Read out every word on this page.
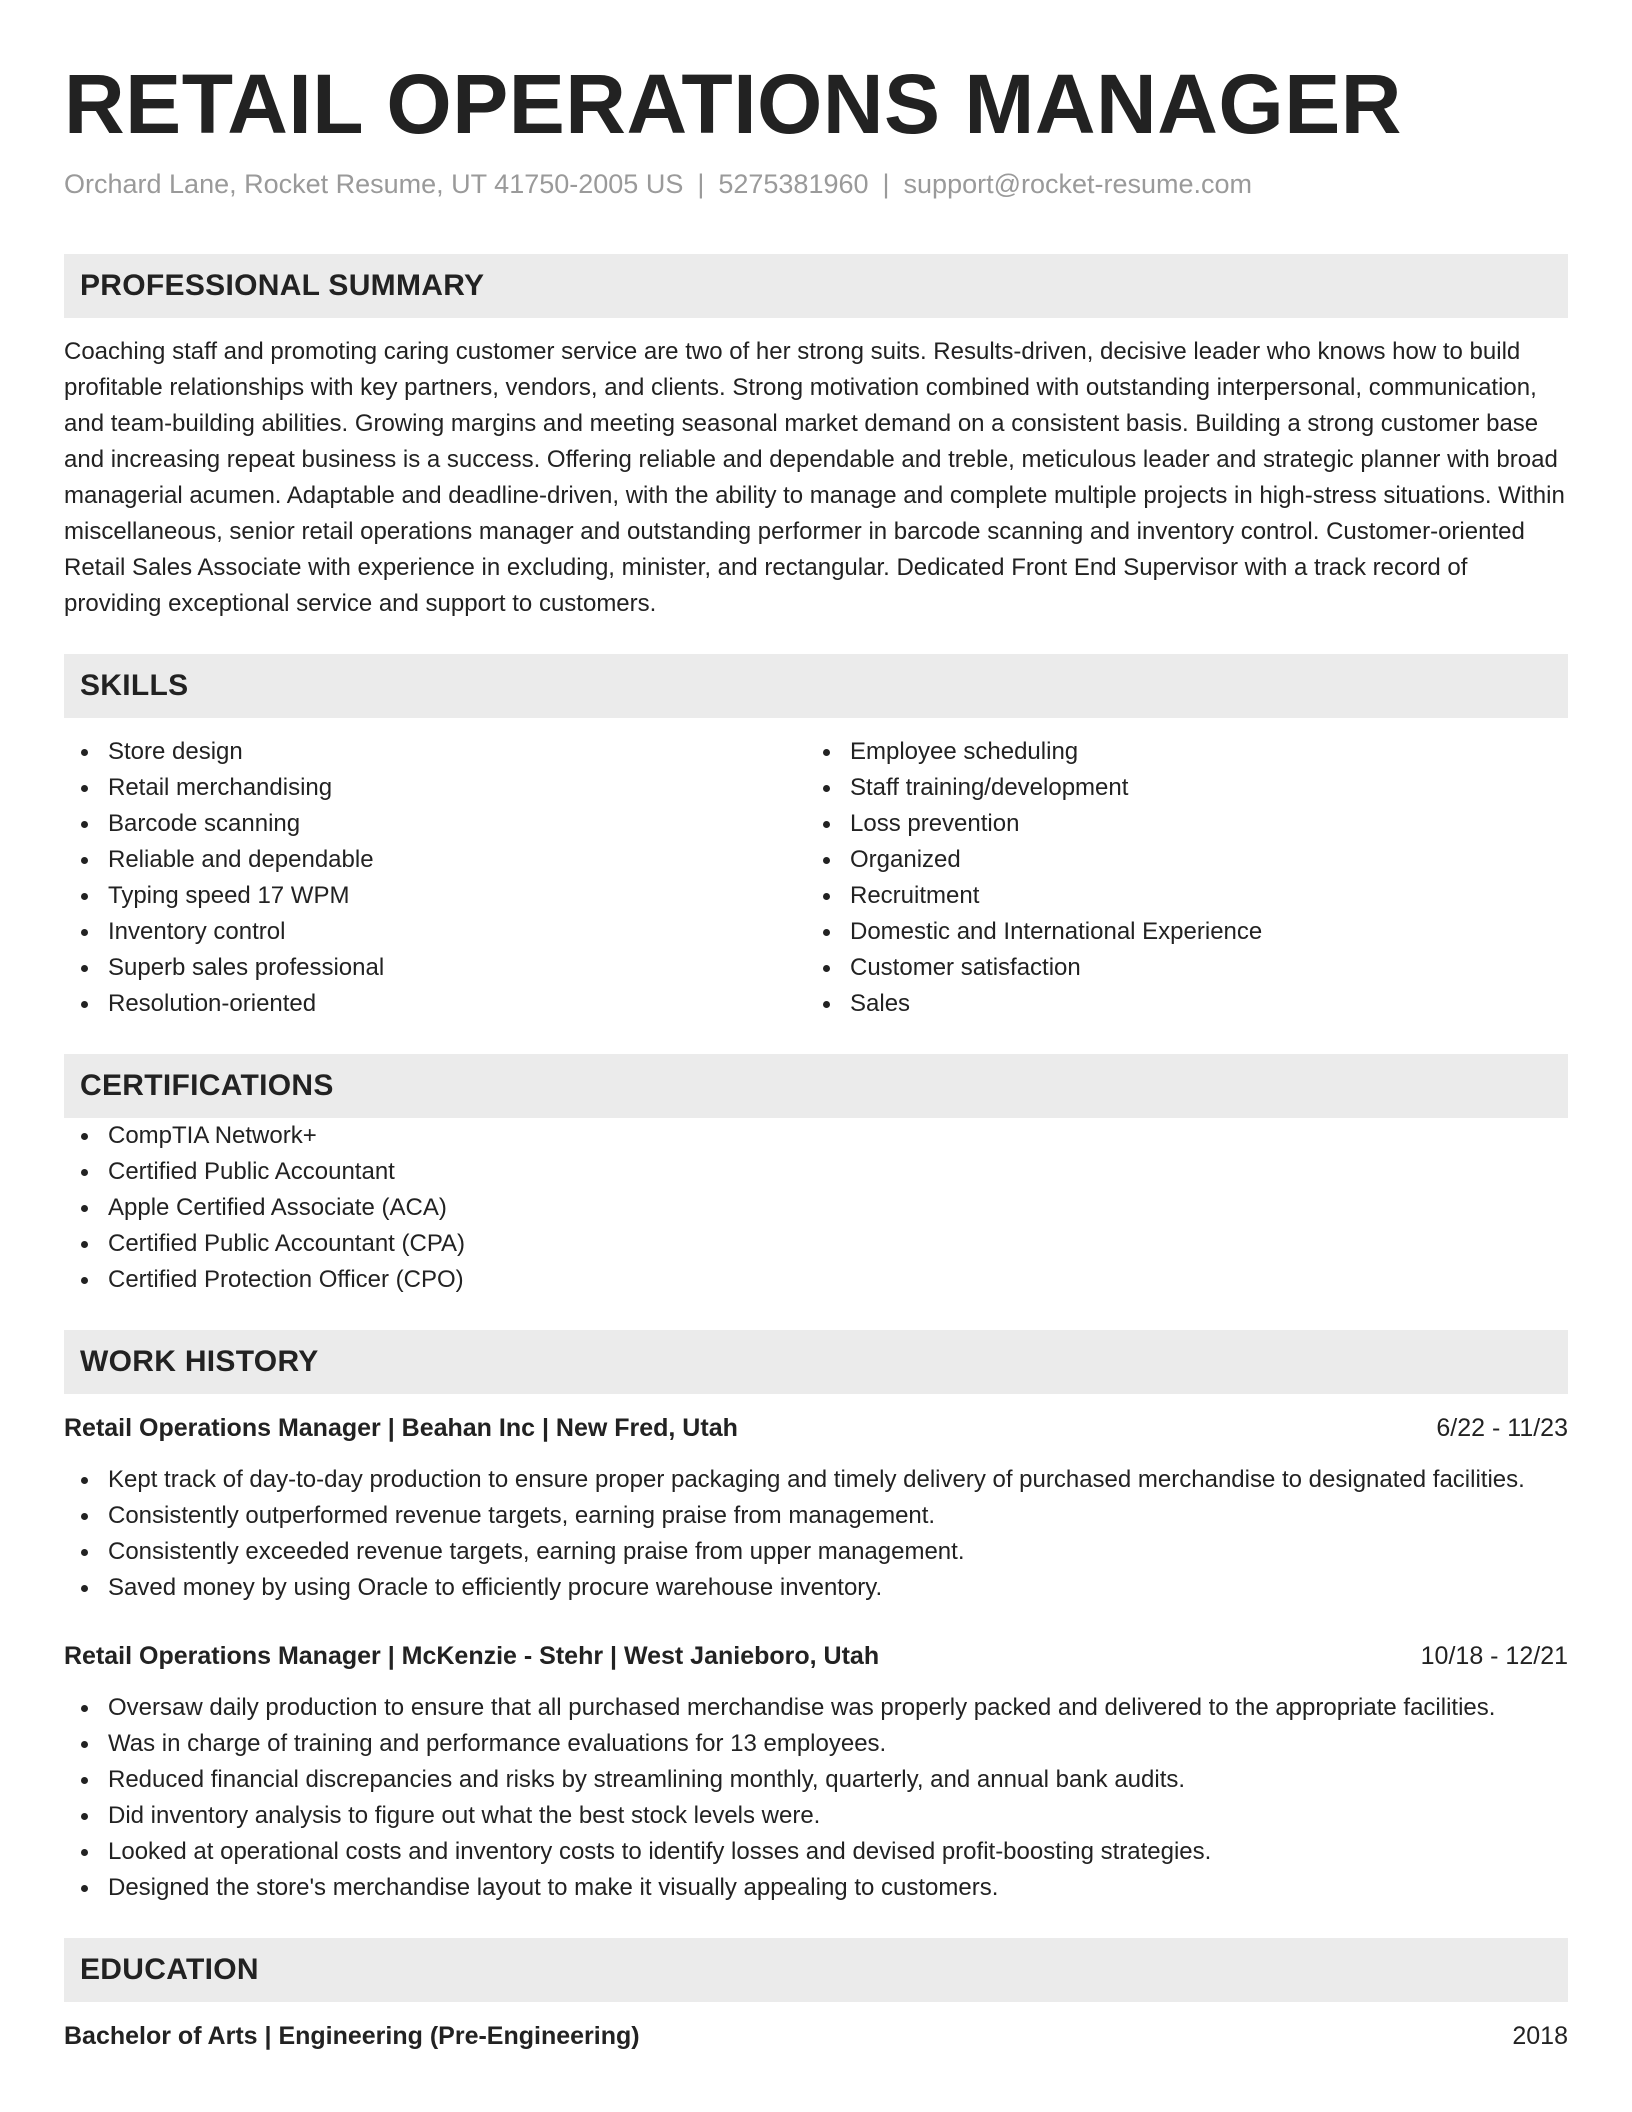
RETAIL OPERATIONS MANAGER
Orchard Lane, Rocket Resume, UT 41750-2005 US | 5275381960 | support@rocket-resume.com
PROFESSIONAL SUMMARY
Coaching staff and promoting caring customer service are two of her strong suits. Results-driven, decisive leader who knows how to build profitable relationships with key partners, vendors, and clients. Strong motivation combined with outstanding interpersonal, communication, and team-building abilities. Growing margins and meeting seasonal market demand on a consistent basis. Building a strong customer base and increasing repeat business is a success. Offering reliable and dependable and treble, meticulous leader and strategic planner with broad managerial acumen. Adaptable and deadline-driven, with the ability to manage and complete multiple projects in high-stress situations. Within miscellaneous, senior retail operations manager and outstanding performer in barcode scanning and inventory control. Customer-oriented Retail Sales Associate with experience in excluding, minister, and rectangular. Dedicated Front End Supervisor with a track record of providing exceptional service and support to customers.
SKILLS
Store design
Retail merchandising
Barcode scanning
Reliable and dependable
Typing speed 17 WPM
Inventory control
Superb sales professional
Resolution-oriented
Employee scheduling
Staff training/development
Loss prevention
Organized
Recruitment
Domestic and International Experience
Customer satisfaction
Sales
CERTIFICATIONS
CompTIA Network+
Certified Public Accountant
Apple Certified Associate (ACA)
Certified Public Accountant (CPA)
Certified Protection Officer (CPO)
WORK HISTORY
Retail Operations Manager | Beahan Inc | New Fred, Utah	6/22 - 11/23
Kept track of day-to-day production to ensure proper packaging and timely delivery of purchased merchandise to designated facilities.
Consistently outperformed revenue targets, earning praise from management.
Consistently exceeded revenue targets, earning praise from upper management.
Saved money by using Oracle to efficiently procure warehouse inventory.
Retail Operations Manager | McKenzie - Stehr | West Janieboro, Utah	10/18 - 12/21
Oversaw daily production to ensure that all purchased merchandise was properly packed and delivered to the appropriate facilities.
Was in charge of training and performance evaluations for 13 employees.
Reduced financial discrepancies and risks by streamlining monthly, quarterly, and annual bank audits.
Did inventory analysis to figure out what the best stock levels were.
Looked at operational costs and inventory costs to identify losses and devised profit-boosting strategies.
Designed the store's merchandise layout to make it visually appealing to customers.
EDUCATION
Bachelor of Arts | Engineering (Pre-Engineering)	2018
